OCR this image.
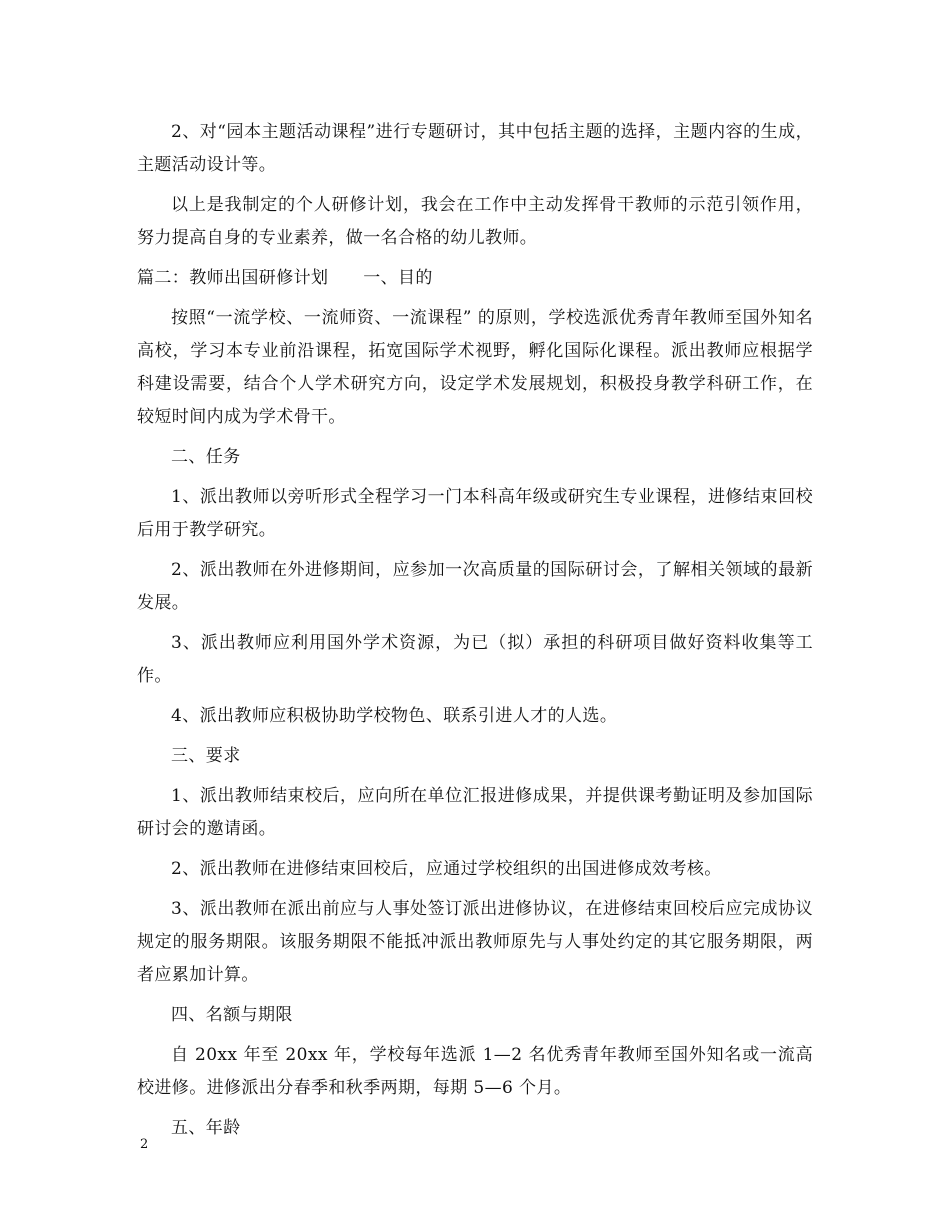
2、对“园本主题活动课程”进行专题研讨，其中包括主题的选择，主题内容的生成，主题活动设计等。

以上是我制定的个人研修计划，我会在工作中主动发挥骨干教师的示范引领作用，努力提高自身的专业素养，做一名合格的幼儿教师。

篇二：教师出国研修计划　　一、目的

按照“一流学校、一流师资、一流课程” 的原则，学校选派优秀青年教师至国外知名高校，学习本专业前沿课程，拓宽国际学术视野，孵化国际化课程。派出教师应根据学科建设需要，结合个人学术研究方向，设定学术发展规划，积极投身教学科研工作，在较短时间内成为学术骨干。

二、任务

1、派出教师以旁听形式全程学习一门本科高年级或研究生专业课程，进修结束回校后用于教学研究。

2、派出教师在外进修期间，应参加一次高质量的国际研讨会，了解相关领域的最新发展。

3、派出教师应利用国外学术资源，为已（拟）承担的科研项目做好资料收集等工作。

4、派出教师应积极协助学校物色、联系引进人才的人选。

三、要求

1、派出教师结束校后，应向所在单位汇报进修成果，并提供课考勤证明及参加国际研讨会的邀请函。

2、派出教师在进修结束回校后，应通过学校组织的出国进修成效考核。

3、派出教师在派出前应与人事处签订派出进修协议，在进修结束回校后应完成协议规定的服务期限。该服务期限不能抵冲派出教师原先与人事处约定的其它服务期限，两者应累加计算。

四、名额与期限

自 20xx 年至 20xx 年，学校每年选派 1—2 名优秀青年教师至国外知名或一流高校进修。进修派出分春季和秋季两期，每期 5—6 个月。

五、年龄

2
